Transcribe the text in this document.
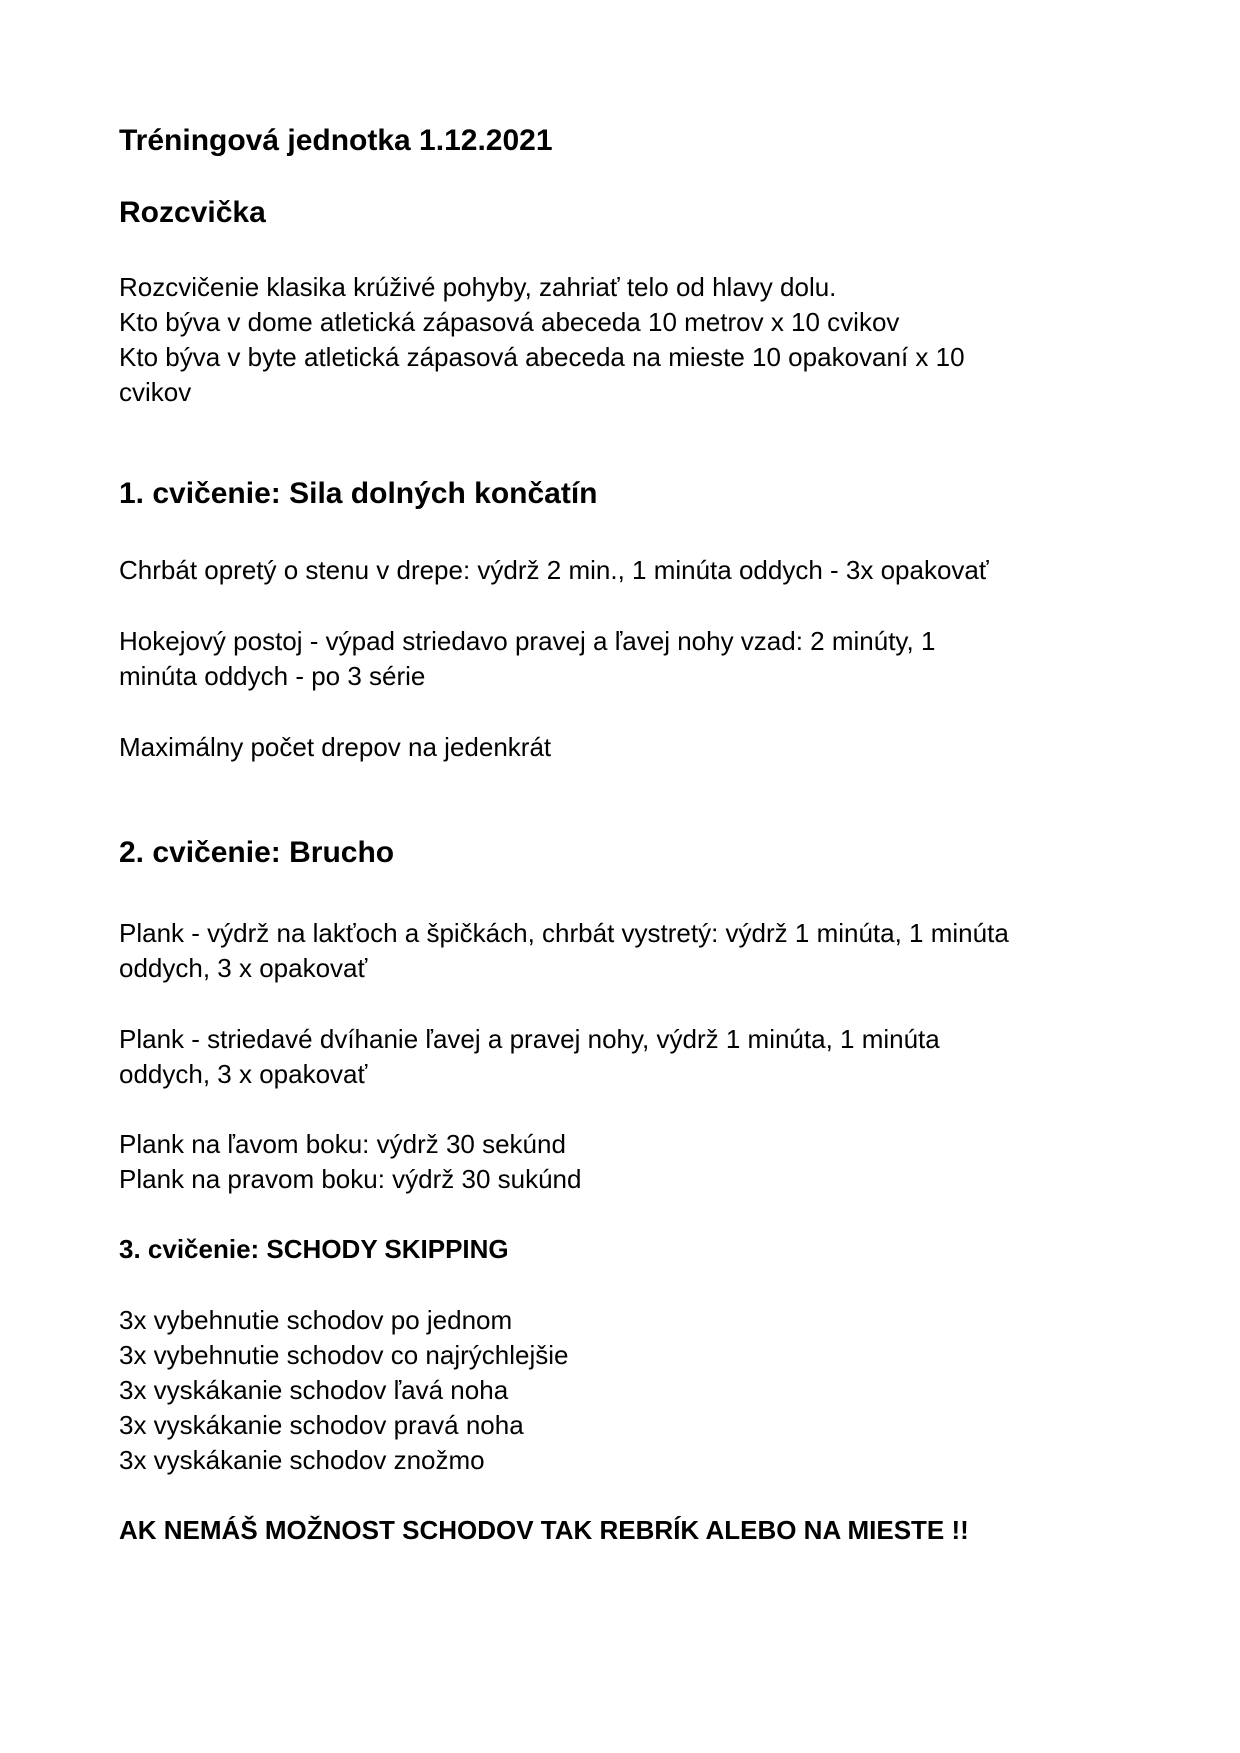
Tréningová jednotka 1.12.2021
Rozcvička
Rozcvičenie klasika krúživé pohyby, zahriať telo od hlavy dolu.
Kto býva v dome atletická zápasová abeceda 10 metrov x 10 cvikov
Kto býva v byte atletická zápasová abeceda na mieste 10 opakovaní x 10
cvikov
1. cvičenie: Sila dolných končatín
Chrbát opretý o stenu v drepe: výdrž 2 min., 1 minúta oddych - 3x opakovať
Hokejový postoj - výpad striedavo pravej a ľavej nohy vzad: 2 minúty, 1
minúta oddych - po 3 série
Maximálny počet drepov na jedenkrát
2. cvičenie: Brucho
Plank - výdrž na lakťoch a špičkách, chrbát vystretý: výdrž 1 minúta, 1 minúta
oddych, 3 x opakovať
Plank - striedavé dvíhanie ľavej a pravej nohy, výdrž 1 minúta, 1 minúta
oddych, 3 x opakovať
Plank na ľavom boku: výdrž 30 sekúnd
Plank na pravom boku: výdrž 30 sukúnd
3. cvičenie: SCHODY SKIPPING
3x vybehnutie schodov po jednom
3x vybehnutie schodov co najrýchlejšie
3x vyskákanie schodov ľavá noha
3x vyskákanie schodov pravá noha
3x vyskákanie schodov znožmo
AK NEMÁŠ MOŽNOST SCHODOV TAK REBRÍK ALEBO NA MIESTE !!
